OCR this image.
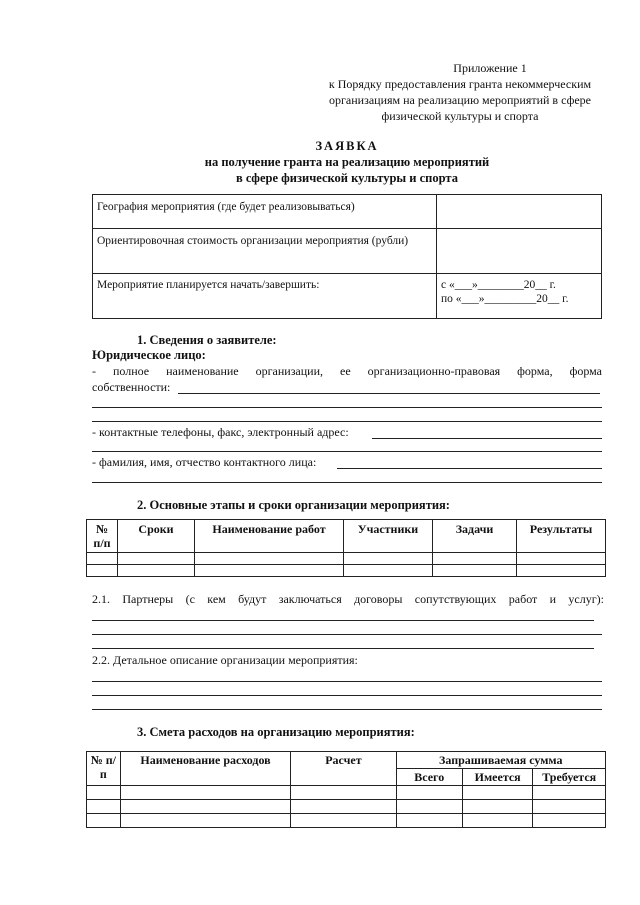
Приложение 1
к Порядку предоставления гранта некоммерческим
организациям на реализацию мероприятий в сфере
физической культуры и спорта
ЗАЯВКА
на получение гранта на реализацию мероприятий
в сфере физической культуры и спорта
География мероприятия (где будет реализовываться)	
Ориентировочная стоимость организации мероприятия (рубли)	
Мероприятие планируется начать/завершить:	с «___»________20__ г.
по «___»_________20__ г.
1. Сведения о заявителе:
Юридическое лицо:
- полное наименование организации, ее организационно-правовая форма, форма
собственности:
- контактные телефоны, факс, электронный адрес:
- фамилия, имя, отчество контактного лица:
2. Основные этапы и сроки организации мероприятия:
№ п/п	Сроки	Наименование работ	Участники	Задачи	Результаты

2.1. Партнеры (с кем будут заключаться договоры сопутствующих работ и услуг):
2.2. Детальное описание организации мероприятия:
3. Смета расходов на организацию мероприятия:
№ п/п	Наименование расходов	Расчет	Запрашиваемая сумма		
			Всего	Имеется	Требуется
